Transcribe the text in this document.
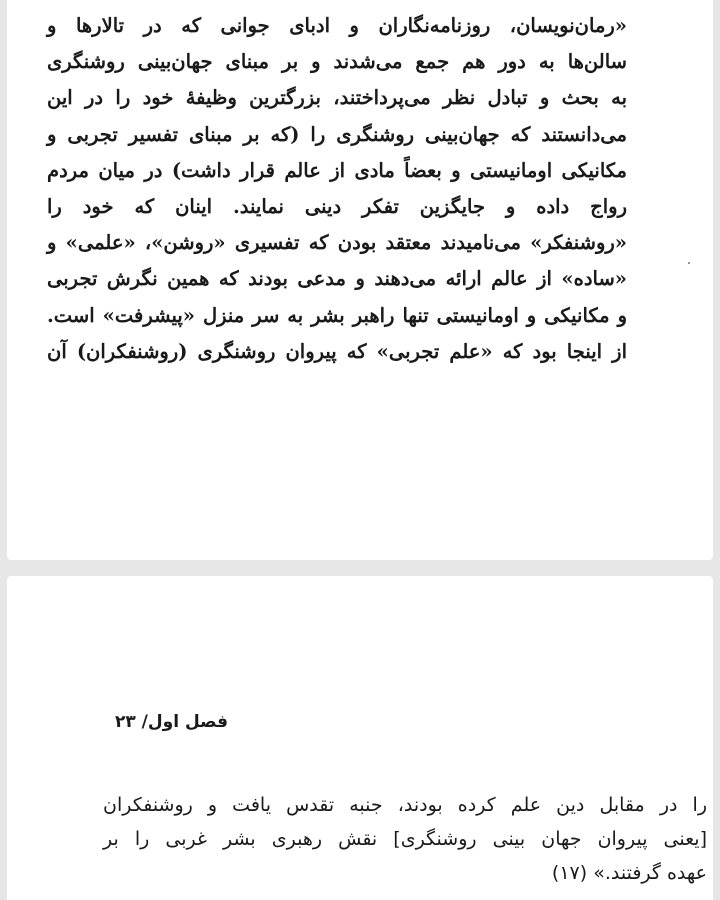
«رمان‌نویسان، روزنامه‌نگاران و ادبای جوانی که در تالارها و
سالن‌ها به دور هم جمع می‌شدند و بر مبنای جهان‌بینی روشنگری
به بحث و تبادل نظر می‌پرداختند، بزرگترین وظیفهٔ خود را در این
می‌دانستند که جهان‌بینی روشنگری را (که بر مبنای تفسیر تجربی و
مکانیکی اومانیستی و بعضاً مادی از عالم قرار داشت) در میان مردم
رواج داده و جایگزین تفکر دینی نمایند. اینان که خود را
«روشنفکر» می‌نامیدند معتقد بودن که تفسیری «روشن»، «علمی» و
«ساده» از عالم ارائه می‌دهند و مدعی بودند که همین نگرش تجربی
و مکانیکی و اومانیستی تنها راهبر بشر به سر منزل «پیشرفت» است.
از اینجا بود که «علم تجربی» که پیروان روشنگری (روشنفکران) آن
فصل اول/ ۲۳
را در مقابل دین علم کرده بودند، جنبه تقدس یافت و روشنفکران
[یعنی پیروان جهان بینی روشنگری] نقش رهبری بشر غربی را بر
عهده گرفتند.» (۱۷)
